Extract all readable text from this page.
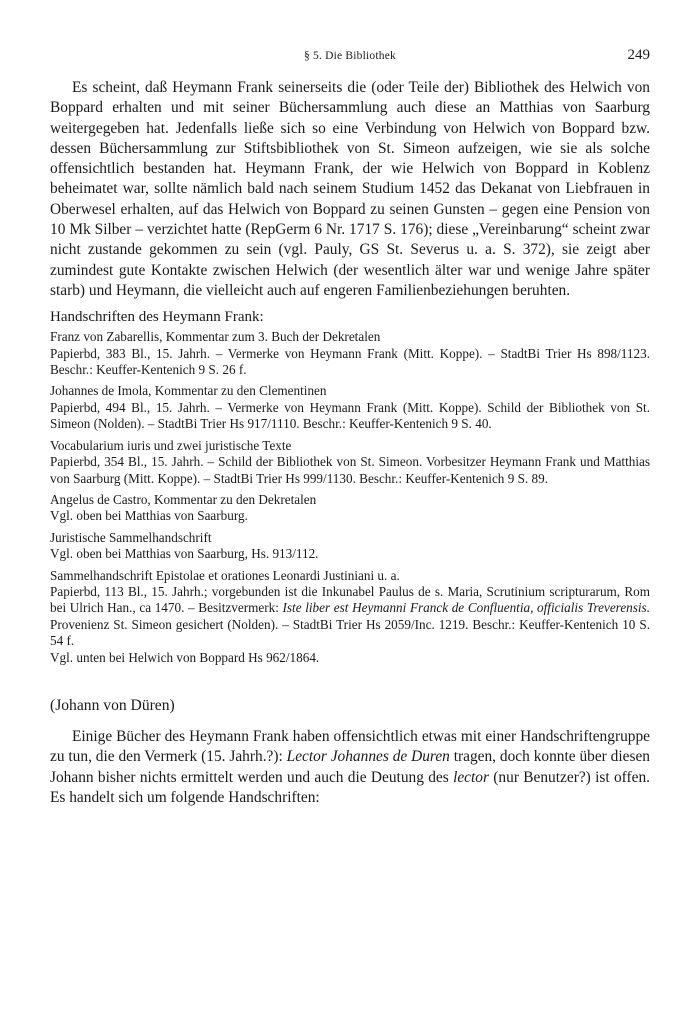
§ 5. Die Bibliothek	249

Es scheint, daß Heymann Frank seinerseits die (oder Teile der) Bibliothek des Helwich von Boppard erhalten und mit seiner Büchersammlung auch diese an Matthias von Saarburg weitergegeben hat. Jedenfalls ließe sich so eine Verbindung von Helwich von Boppard bzw. dessen Büchersammlung zur Stiftsbibliothek von St. Simeon aufzeigen, wie sie als solche offensichtlich bestanden hat. Heymann Frank, der wie Helwich von Boppard in Koblenz beheimatet war, sollte nämlich bald nach seinem Studium 1452 das Dekanat von Liebfrauen in Oberwesel erhalten, auf das Helwich von Boppard zu seinen Gunsten – gegen eine Pension von 10 Mk Silber – verzichtet hatte (RepGerm 6 Nr. 1717 S. 176); diese „Vereinbarung“ scheint zwar nicht zustande gekommen zu sein (vgl. Pauly, GS St. Severus u. a. S. 372), sie zeigt aber zumindest gute Kontakte zwischen Helwich (der wesentlich älter war und wenige Jahre später starb) und Heymann, die vielleicht auch auf engeren Familienbeziehungen beruhten.

Handschriften des Heymann Frank:

Franz von Zabarellis, Kommentar zum 3. Buch der Dekretalen
Papierbd, 383 Bl., 15. Jahrh. – Vermerke von Heymann Frank (Mitt. Koppe). – StadtBi Trier Hs 898/1123. Beschr.: Keuffer-Kentenich 9 S. 26 f.
Johannes de Imola, Kommentar zu den Clementinen
Papierbd, 494 Bl., 15. Jahrh. – Vermerke von Heymann Frank (Mitt. Koppe). Schild der Bibliothek von St. Simeon (Nolden). – StadtBi Trier Hs 917/1110. Beschr.: Keuffer-Kentenich 9 S. 40.
Vocabularium iuris und zwei juristische Texte
Papierbd, 354 Bl., 15. Jahrh. – Schild der Bibliothek von St. Simeon. Vorbesitzer Heymann Frank und Matthias von Saarburg (Mitt. Koppe). – StadtBi Trier Hs 999/1130. Beschr.: Keuffer-Kentenich 9 S. 89.
Angelus de Castro, Kommentar zu den Dekretalen
Vgl. oben bei Matthias von Saarburg.
Juristische Sammelhandschrift
Vgl. oben bei Matthias von Saarburg, Hs. 913/112.
Sammelhandschrift Epistolae et orationes Leonardi Justiniani u. a.
Papierbd, 113 Bl., 15. Jahrh.; vorgebunden ist die Inkunabel Paulus de s. Maria, Scrutinium scripturarum, Rom bei Ulrich Han., ca 1470. – Besitzvermerk: Iste liber est Heymanni Franck de Confluentia, officialis Treverensis. Provenienz St. Simeon gesichert (Nolden). – StadtBi Trier Hs 2059/Inc. 1219. Beschr.: Keuffer-Kentenich 10 S. 54 f.
Vgl. unten bei Helwich von Boppard Hs 962/1864.

(Johann von Düren)

Einige Bücher des Heymann Frank haben offensichtlich etwas mit einer Handschriftengruppe zu tun, die den Vermerk (15. Jahrh.?): Lector Johannes de Duren tragen, doch konnte über diesen Johann bisher nichts ermittelt werden und auch die Deutung des lector (nur Benutzer?) ist offen. Es handelt sich um folgende Handschriften:
